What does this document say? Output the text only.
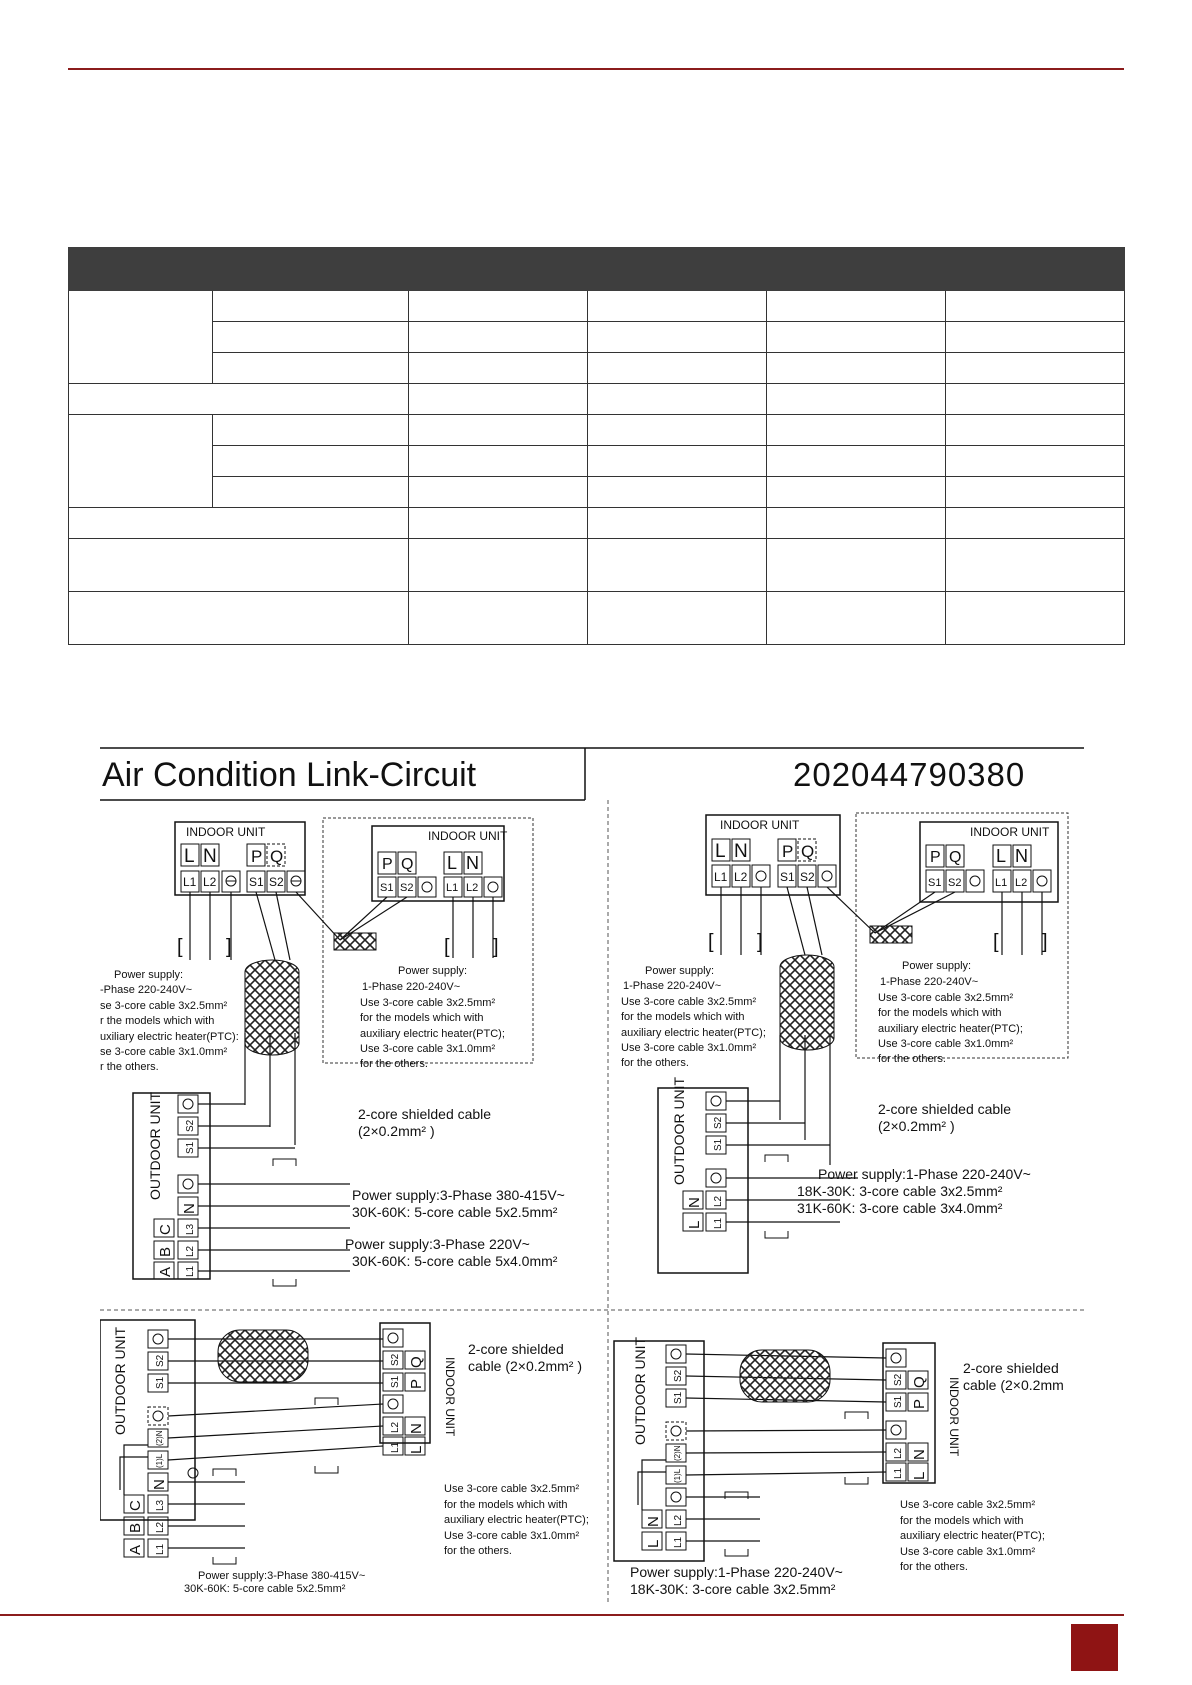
Air Condition Link-Circuit	202044790380
INDOOR UNIT
L N P Q
L1 L2	S1 S2
INDOOR UNIT
P Q L N
S1 S2	L1 L2
[ ]	[ ]
Power supply:
-Phase 220-240V~
se 3-core cable 3x2.5mm²
r the models which with
uxiliary electric heater(PTC):
se 3-core cable 3x1.0mm²
r the others.
Power supply:
1-Phase 220-240V~
Use 3-core cable 3x2.5mm²
for the models which with
auxiliary electric heater(PTC);
Use 3-core cable 3x1.0mm²
for the others.
OUTDOOR UNIT S2
S1
N
L3
L2
L1
C
B
A
2-core shielded cable
(2×0.2mm² )
Power supply:3-Phase 380-415V~
30K-60K: 5-core cable 5x2.5mm²
Power supply:3-Phase 220V~
30K-60K: 5-core cable 5x4.0mm²
INDOOR UNIT
L N P Q
L1 L2	S1 S2
INDOOR UNIT
P Q L N
S1 S2	L1 L2
[ ]	[ ]
Power supply:
1-Phase 220-240V~
Use 3-core cable 3x2.5mm²
for the models which with
auxiliary electric heater(PTC);
Use 3-core cable 3x1.0mm²
for the others.
Power supply:
1-Phase 220-240V~
Use 3-core cable 3x2.5mm²
for the models which with
auxiliary electric heater(PTC);
Use 3-core cable 3x1.0mm²
for the others.
OUTDOOR UNIT	S2
S1
L2
L1
N
L
2-core shielded cable
(2×0.2mm² )
Power supply:1-Phase 220-240V~
18K-30K: 3-core cable 3x2.5mm²
31K-60K: 3-core cable 3x4.0mm²
OUTDOOR UNIT	S2
S1
(2)N
(1)L
N
L3
L2
L1
C
B
A
INDOOR UNIT
S2 Q
S1 P
L2 N
L1 L
2-core shielded
cable (2×0.2mm² )
Use 3-core cable 3x2.5mm²
for the models which with
auxiliary electric heater(PTC);
Use 3-core cable 3x1.0mm²
for the others.
Power supply:3-Phase 380-415V~
30K-60K: 5-core cable 5x2.5mm²
OUTDOOR UNIT	S2
S1
(2)N
(1)L
L2
L1
N
L
INDOOR UNIT
S2 Q
S1 P
L2 N
L1 L
2-core shielded
cable (2×0.2mm
Use 3-core cable 3x2.5mm²
for the models which with
auxiliary electric heater(PTC);
Use 3-core cable 3x1.0mm²
for the others.
Power supply:1-Phase 220-240V~
18K-30K: 3-core cable 3x2.5mm²
